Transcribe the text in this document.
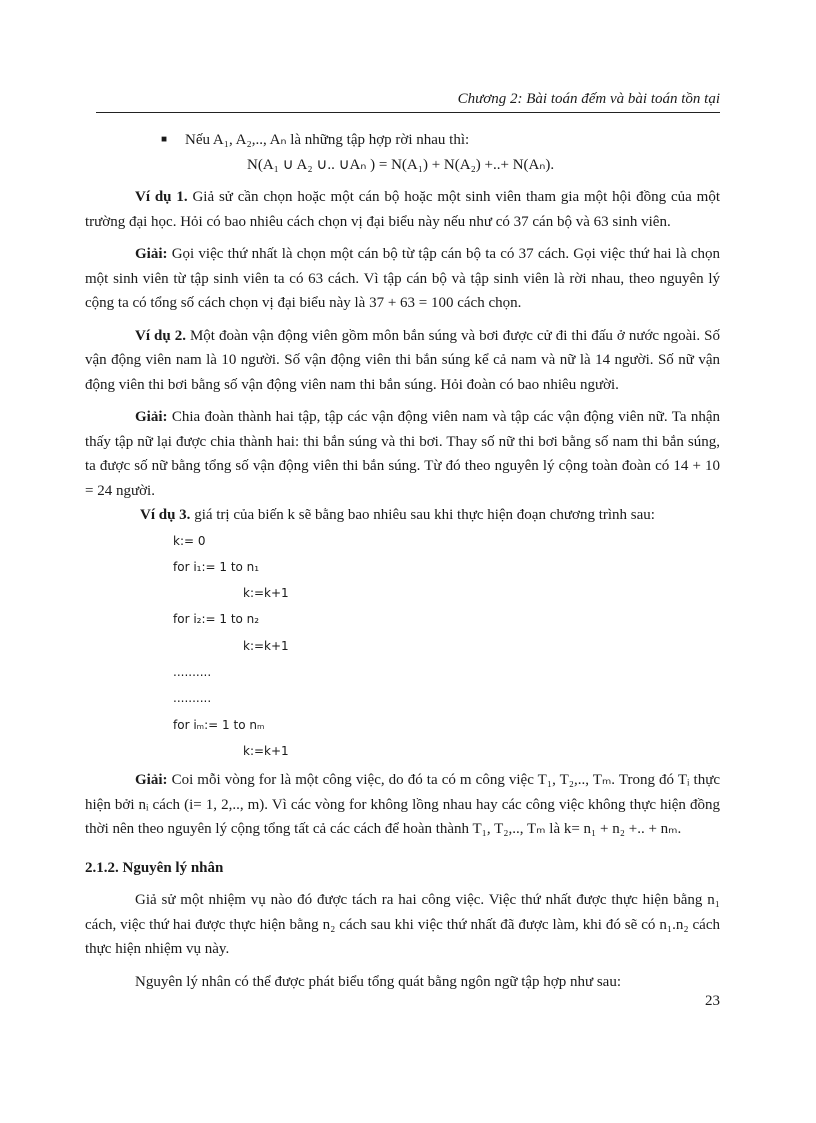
Chương 2: Bài toán đếm và bài toán tồn tại
■ Nếu A₁, A₂,.., Aₙ là những tập hợp rời nhau thì:

N(A₁ ∪ A₂ ∪.. ∪Aₙ ) = N(A₁) + N(A₂) +..+ N(Aₙ).

Ví dụ 1. Giả sử cần chọn hoặc một cán bộ hoặc một sinh viên tham gia một hội đồng của một trường đại học. Hỏi có bao nhiêu cách chọn vị đại biểu này nếu như có 37 cán bộ và 63 sinh viên.

Giải: Gọi việc thứ nhất là chọn một cán bộ từ tập cán bộ ta có 37 cách. Gọi việc thứ hai là chọn một sinh viên từ tập sinh viên ta có 63 cách. Vì tập cán bộ và tập sinh viên là rời nhau, theo nguyên lý cộng ta có tổng số cách chọn vị đại biểu này là 37 + 63 = 100 cách chọn.

Ví dụ 2. Một đoàn vận động viên gồm môn bắn súng và bơi được cử đi thi đấu ở nước ngoài. Số vận động viên nam là 10 người. Số vận động viên thi bắn súng kể cả nam và nữ là 14 người. Số nữ vận động viên thi bơi bằng số vận động viên nam thi bắn súng. Hỏi đoàn có bao nhiêu người.

Giải: Chia đoàn thành hai tập, tập các vận động viên nam và tập các vận động viên nữ. Ta nhận thấy tập nữ lại được chia thành hai: thi bắn súng và thi bơi. Thay số nữ thi bơi bằng số nam thi bắn súng, ta được số nữ bằng tổng số vận động viên thi bắn súng. Từ đó theo nguyên lý cộng toàn đoàn có 14 + 10 = 24 người.

Ví dụ 3. giá trị của biến k sẽ bằng bao nhiêu sau khi thực hiện đoạn chương trình sau:

k:= 0
for i₁:= 1 to n₁
k:=k+1
for i₂:= 1 to n₂
k:=k+1
..........
..........
for iₘ:= 1 to nₘ
k:=k+1

Giải: Coi mỗi vòng for là một công việc, do đó ta có m công việc T₁, T₂,.., Tₘ. Trong đó Tᵢ thực hiện bởi nᵢ cách (i= 1, 2,.., m). Vì các vòng for không lồng nhau hay các công việc không thực hiện đồng thời nên theo nguyên lý cộng tổng tất cả các cách để hoàn thành T₁, T₂,.., Tₘ là k= n₁ + n₂ +.. + nₘ.

2.1.2. Nguyên lý nhân

Giả sử một nhiệm vụ nào đó được tách ra hai công việc. Việc thứ nhất được thực hiện bằng n₁ cách, việc thứ hai được thực hiện bằng n₂ cách sau khi việc thứ nhất đã được làm, khi đó sẽ có n₁.n₂ cách thực hiện nhiệm vụ này.

Nguyên lý nhân có thể được phát biểu tổng quát bằng ngôn ngữ tập hợp như sau:

23
